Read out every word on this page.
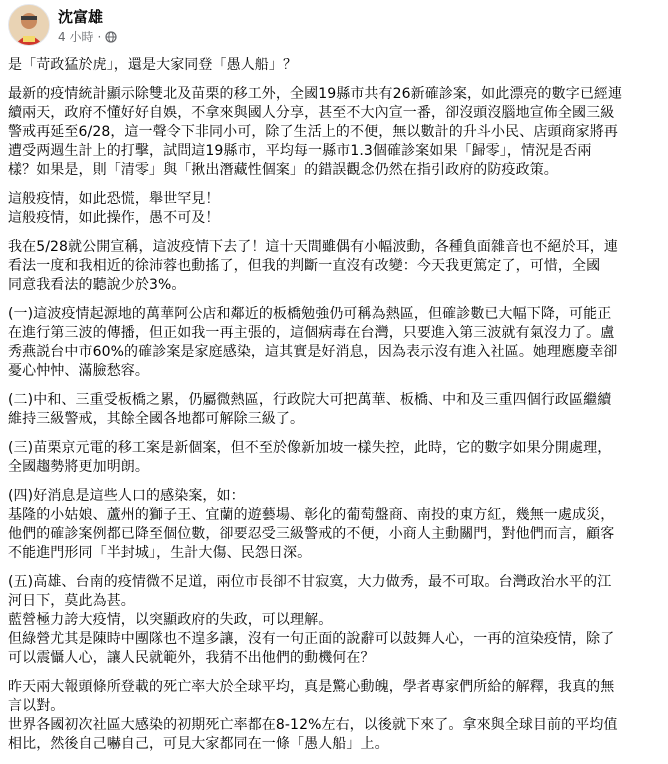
沈富雄
4 小時 ·
是「苛政猛於虎」，還是大家同登「愚人船」？
最新的疫情統計顯示除雙北及苗栗的移工外，全國19縣市共有26新確診案，如此漂亮的數字已經連
續兩天，政府不懂好好自娛，不拿來與國人分享，甚至不大內宣一番，卻沒頭沒腦地宣佈全國三級
警戒再延至6/28，這一聲令下非同小可，除了生活上的不便，無以數計的升斗小民、店頭商家將再
遭受两週生計上的打擊，試問這19縣市，平均每一縣市1.3個確診案如果「歸零」，情況是否兩
樣？如果是，則「清零」與「揪出潛藏性個案」的錯誤觀念仍然在指引政府的防疫政策。
這般疫情，如此恐慌，舉世罕見！
這般疫情，如此操作，愚不可及！
我在5/28就公開宣稱，這波疫情下去了！這十天間雖偶有小幅波動，各種負面雜音也不絕於耳，連
看法一度和我相近的徐沛蓉也動搖了，但我的判斷一直沒有改變：今天我更篤定了，可惜，全國
同意我看法的聽說少於3%。
(一)這波疫情起源地的萬華阿公店和鄰近的板橋勉強仍可稱為熱區，但確診數已大幅下降，可能正
在進行第三波的傳播，但正如我一再主張的，這個病毒在台灣，只要進入第三波就有氣沒力了。盧
秀燕説台中市60%的確診案是家庭感染，這其實是好消息，因為表示沒有進入社區。她理應慶幸卻
憂心忡忡、滿臉愁容。
(二)中和、三重受板橋之累，仍屬微熱區，行政院大可把萬華、板橋、中和及三重四個行政區繼續
維持三級警戒，其餘全國各地都可解除三級了。
(三)苗栗京元電的移工案是新個案，但不至於像新加坡一樣失控，此時，它的數字如果分開處理，
全國趨勢將更加明朗。
(四)好消息是這些人口的感染案，如：
基隆的小姑娘、蘆州的獅子王、宜蘭的遊藝場、彰化的葡萄盤商、南投的東方紅，幾無一處成災，
他們的確診案例都已降至個位數，卻要忍受三級警戒的不便，小商人主動關門，對他們而言，顧客
不能進門形同「半封城」，生計大傷、民怨日深。
(五)高雄、台南的疫情微不足道，兩位市長卻不甘寂寞，大力做秀，最不可取。台灣政治水平的江
河日下，莫此為甚。
藍營極力誇大疫情，以突顯政府的失政，可以理解。
但綠營尤其是陳時中團隊也不遑多讓，沒有一句正面的說辭可以鼓舞人心，一再的渲染疫情，除了
可以震懾人心，讓人民就範外，我猜不出他們的動機何在？
昨天兩大報頭條所登載的死亡率大於全球平均，真是驚心動魄，學者專家們所給的解釋，我真的無
言以對。
世界各國初次社區大感染的初期死亡率都在8-12%左右，以後就下來了。拿來與全球目前的平均值
相比，然後自己嚇自己，可見大家都同在一條「愚人船」上。
